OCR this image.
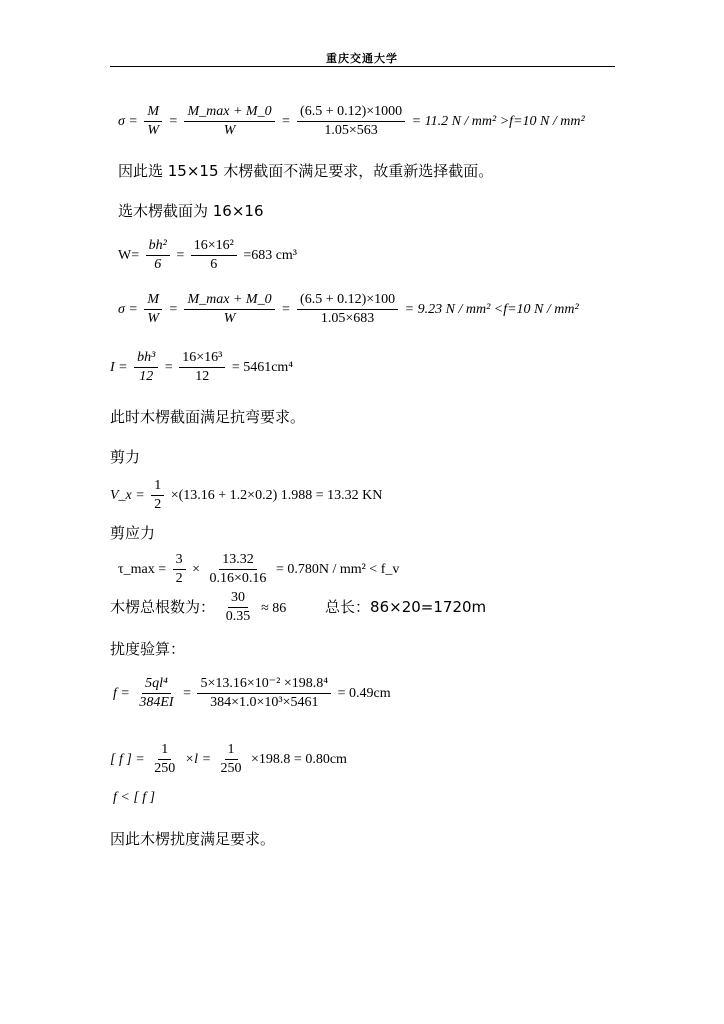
重庆交通大学
$\sigma = \frac{M}{W} = \frac{M\_\max + M\_0}{W} = \frac{(6.5 + 0.12)\times 1000}{1.05\times 563} = 11.2$ N / mm² >f=10 N / mm²
因此选 15×15 木楞截面不满足要求，故重新选择截面。
选木楞截面为 16×16
$W= \frac{\text{bh²}}{6} = \frac{\text{16×16²}}{6} =683$ cm³
$\sigma = \frac{M}{W} = \frac{M\_\max + M\_0}{W} = \frac{(6.5 + 0.12)\times 100}{1.05\times 683} = 9.23$ N / mm² <f=10 N / mm²
$I = \frac{\text{bh³}}{12} = \frac{\text{16×16³}}{12} = 5461cm^4$
此时木楞截面满足抗弯要求。
剪力
V_x = $\frac{1}{2} \times(13.16 + 1.2\times 0.2) 1.988 = 13.32$ KN
剪应力
τ_max = $\frac{3}{2} \times \frac{13.32}{0.16\times 0.16} = 0.780N / mm^2$ < f_v
木楞总根数为： $\frac{30}{0.35} \approx 86$	总长：86×20=1720m
扰度验算：
$f = \frac{\text{5ql⁴}}{384EI} = \frac{\text{5×13.16×10⁻² ×198.8⁴}}{\text{384×1.0×10³×5461}} = 0.49cm$
[ f ] = $\frac{1}{250} \times l = \frac{1}{250} \times 198.8 = 0.80cm$
f < [ f ]
因此木楞扰度满足要求。
